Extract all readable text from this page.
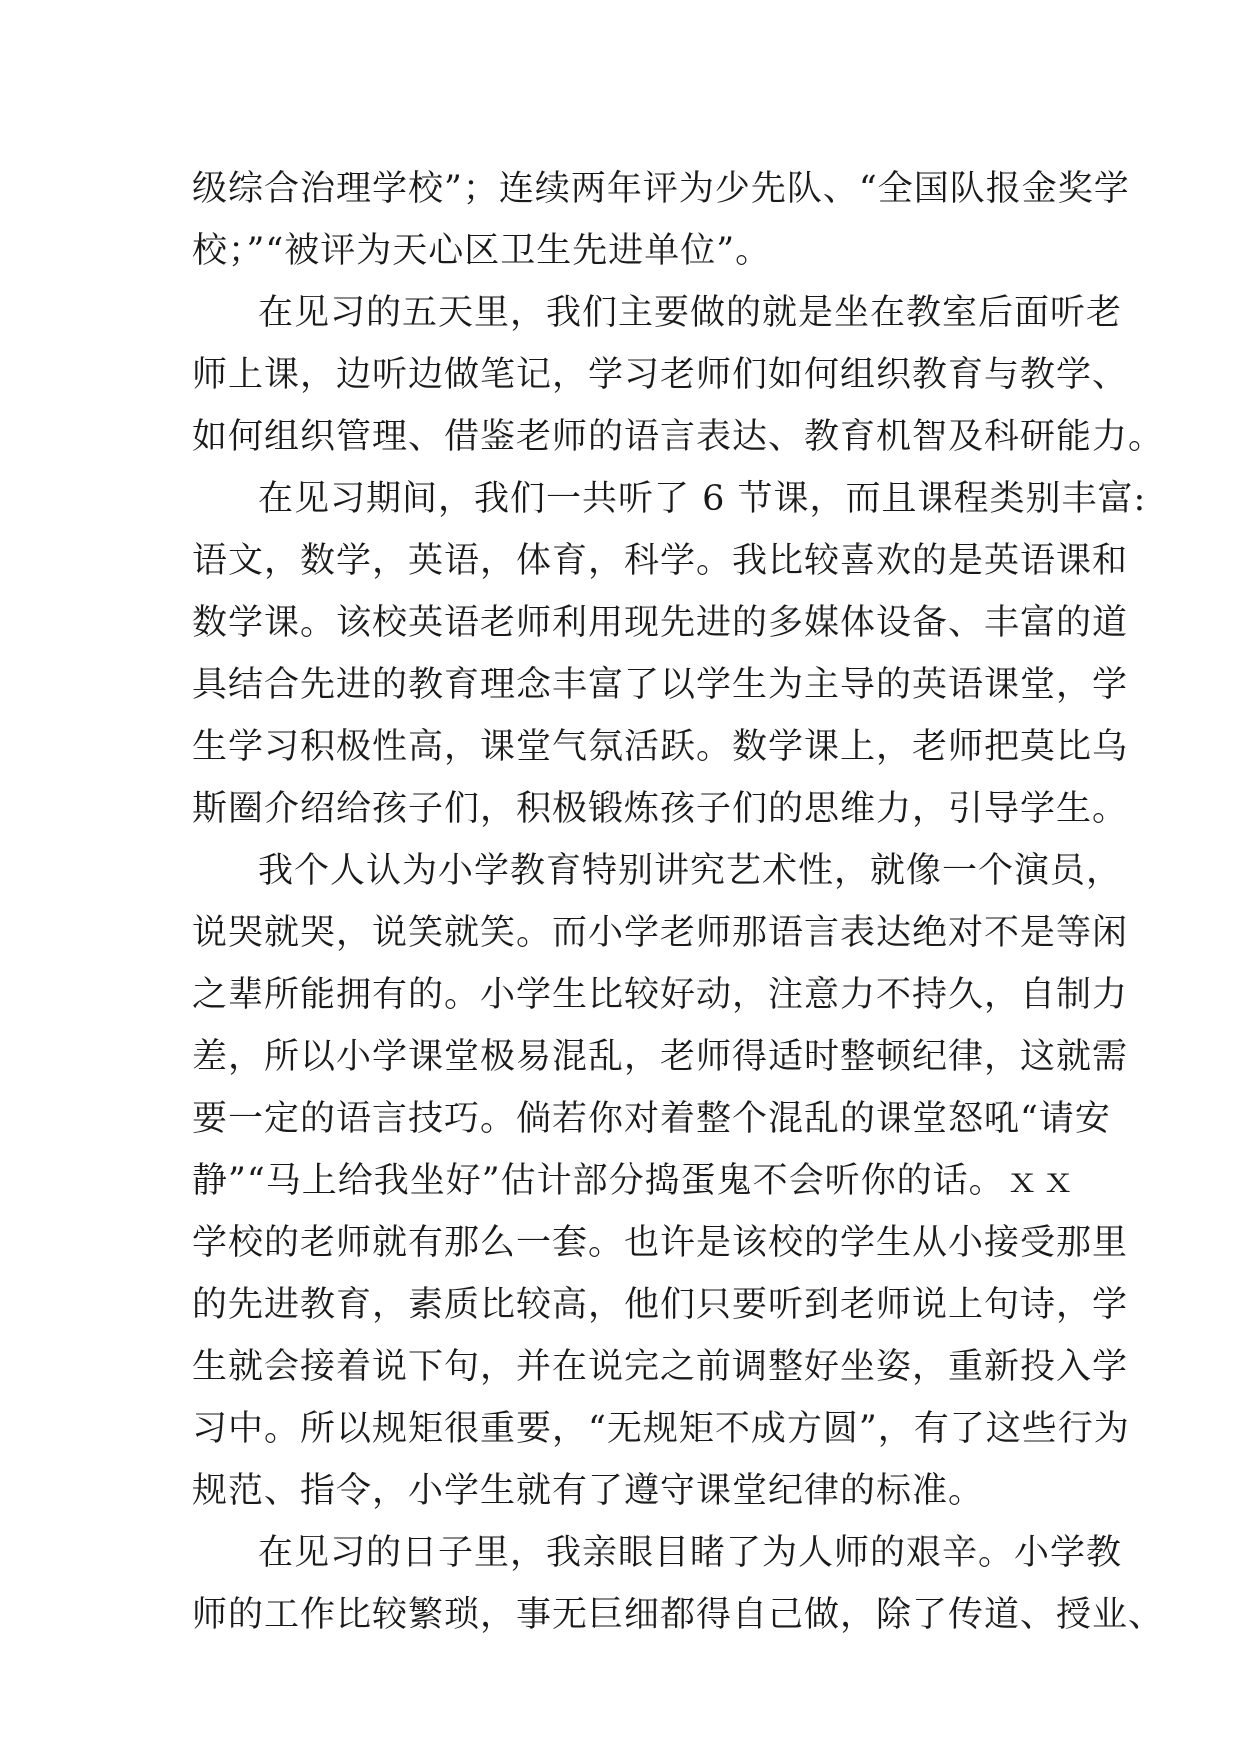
级综合治理学校”；连续两年评为少先队、“全国队报金奖学
校；”“被评为天心区卫生先进单位”。
在见习的五天里，我们主要做的就是坐在教室后面听老
师上课，边听边做笔记，学习老师们如何组织教育与教学、
如何组织管理、借鉴老师的语言表达、教育机智及科研能力。
在见习期间，我们一共听了 6 节课，而且课程类别丰富:
语文，数学，英语，体育，科学。我比较喜欢的是英语课和
数学课。该校英语老师利用现先进的多媒体设备、丰富的道
具结合先进的教育理念丰富了以学生为主导的英语课堂，学
生学习积极性高，课堂气氛活跃。数学课上，老师把莫比乌
斯圈介绍给孩子们，积极锻炼孩子们的思维力，引导学生。
我个人认为小学教育特别讲究艺术性，就像一个演员，
说哭就哭，说笑就笑。而小学老师那语言表达绝对不是等闲
之辈所能拥有的。小学生比较好动，注意力不持久，自制力
差，所以小学课堂极易混乱，老师得适时整顿纪律，这就需
要一定的语言技巧。倘若你对着整个混乱的课堂怒吼“请安
静”“马上给我坐好”估计部分捣蛋鬼不会听你的话。ｘｘ
学校的老师就有那么一套。也许是该校的学生从小接受那里
的先进教育，素质比较高，他们只要听到老师说上句诗，学
生就会接着说下句，并在说完之前调整好坐姿，重新投入学
习中。所以规矩很重要，“无规矩不成方圆”，有了这些行为
规范、指令，小学生就有了遵守课堂纪律的标准。
在见习的日子里，我亲眼目睹了为人师的艰辛。小学教
师的工作比较繁琐，事无巨细都得自己做，除了传道、授业、
